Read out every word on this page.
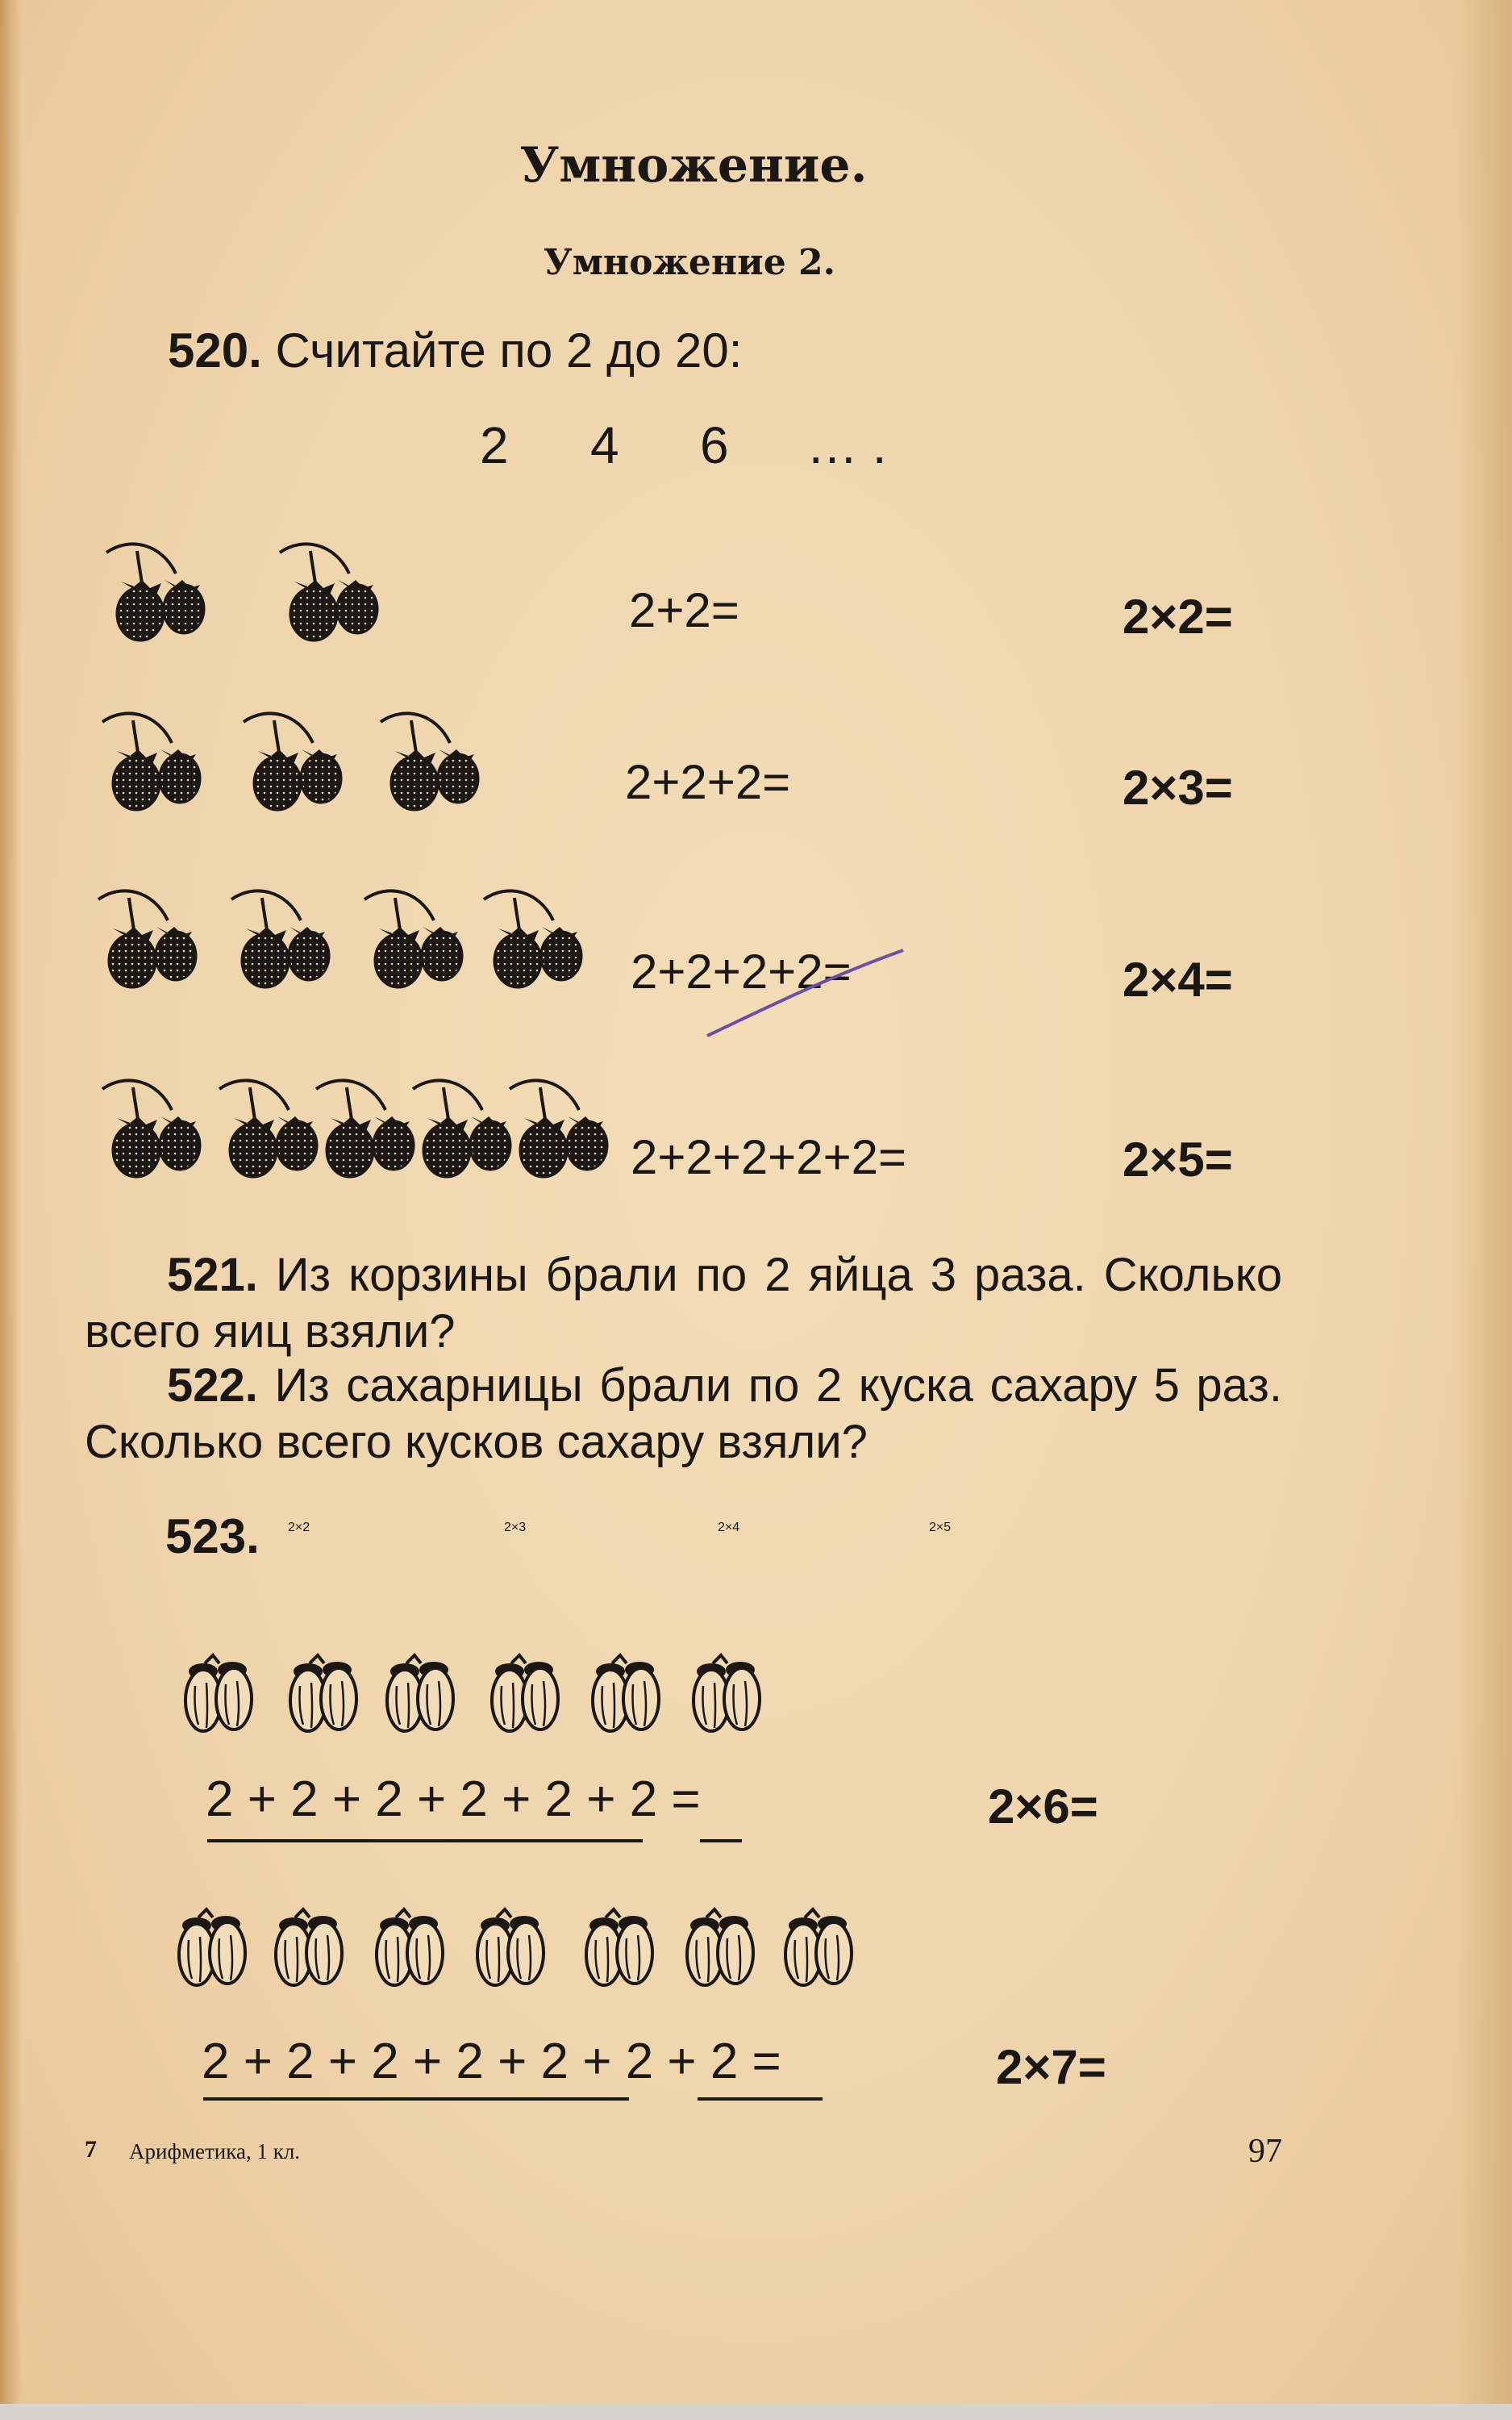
Умножение.
Умножение 2.
520. Считайте по 2 до 20:
2 4 6 … .
2+2=	2×2=
2+2+2=	2×3=
2+2+2+2=	2×4=
2+2+2+2+2=	2×5=
521. Из корзины брали по 2 яйца 3 раза. Сколько всего яиц взяли?
522. Из сахарницы брали по 2 куска сахару 5 раз. Сколько всего кусков сахару взяли?
523. 2×2	2×3	2×4	2×5
2 + 2 + 2 + 2 + 2 + 2 =	2×6=
2 + 2 + 2 + 2 + 2 + 2 + 2 =	2×7=
7 Арифметика, 1 кл.	97
